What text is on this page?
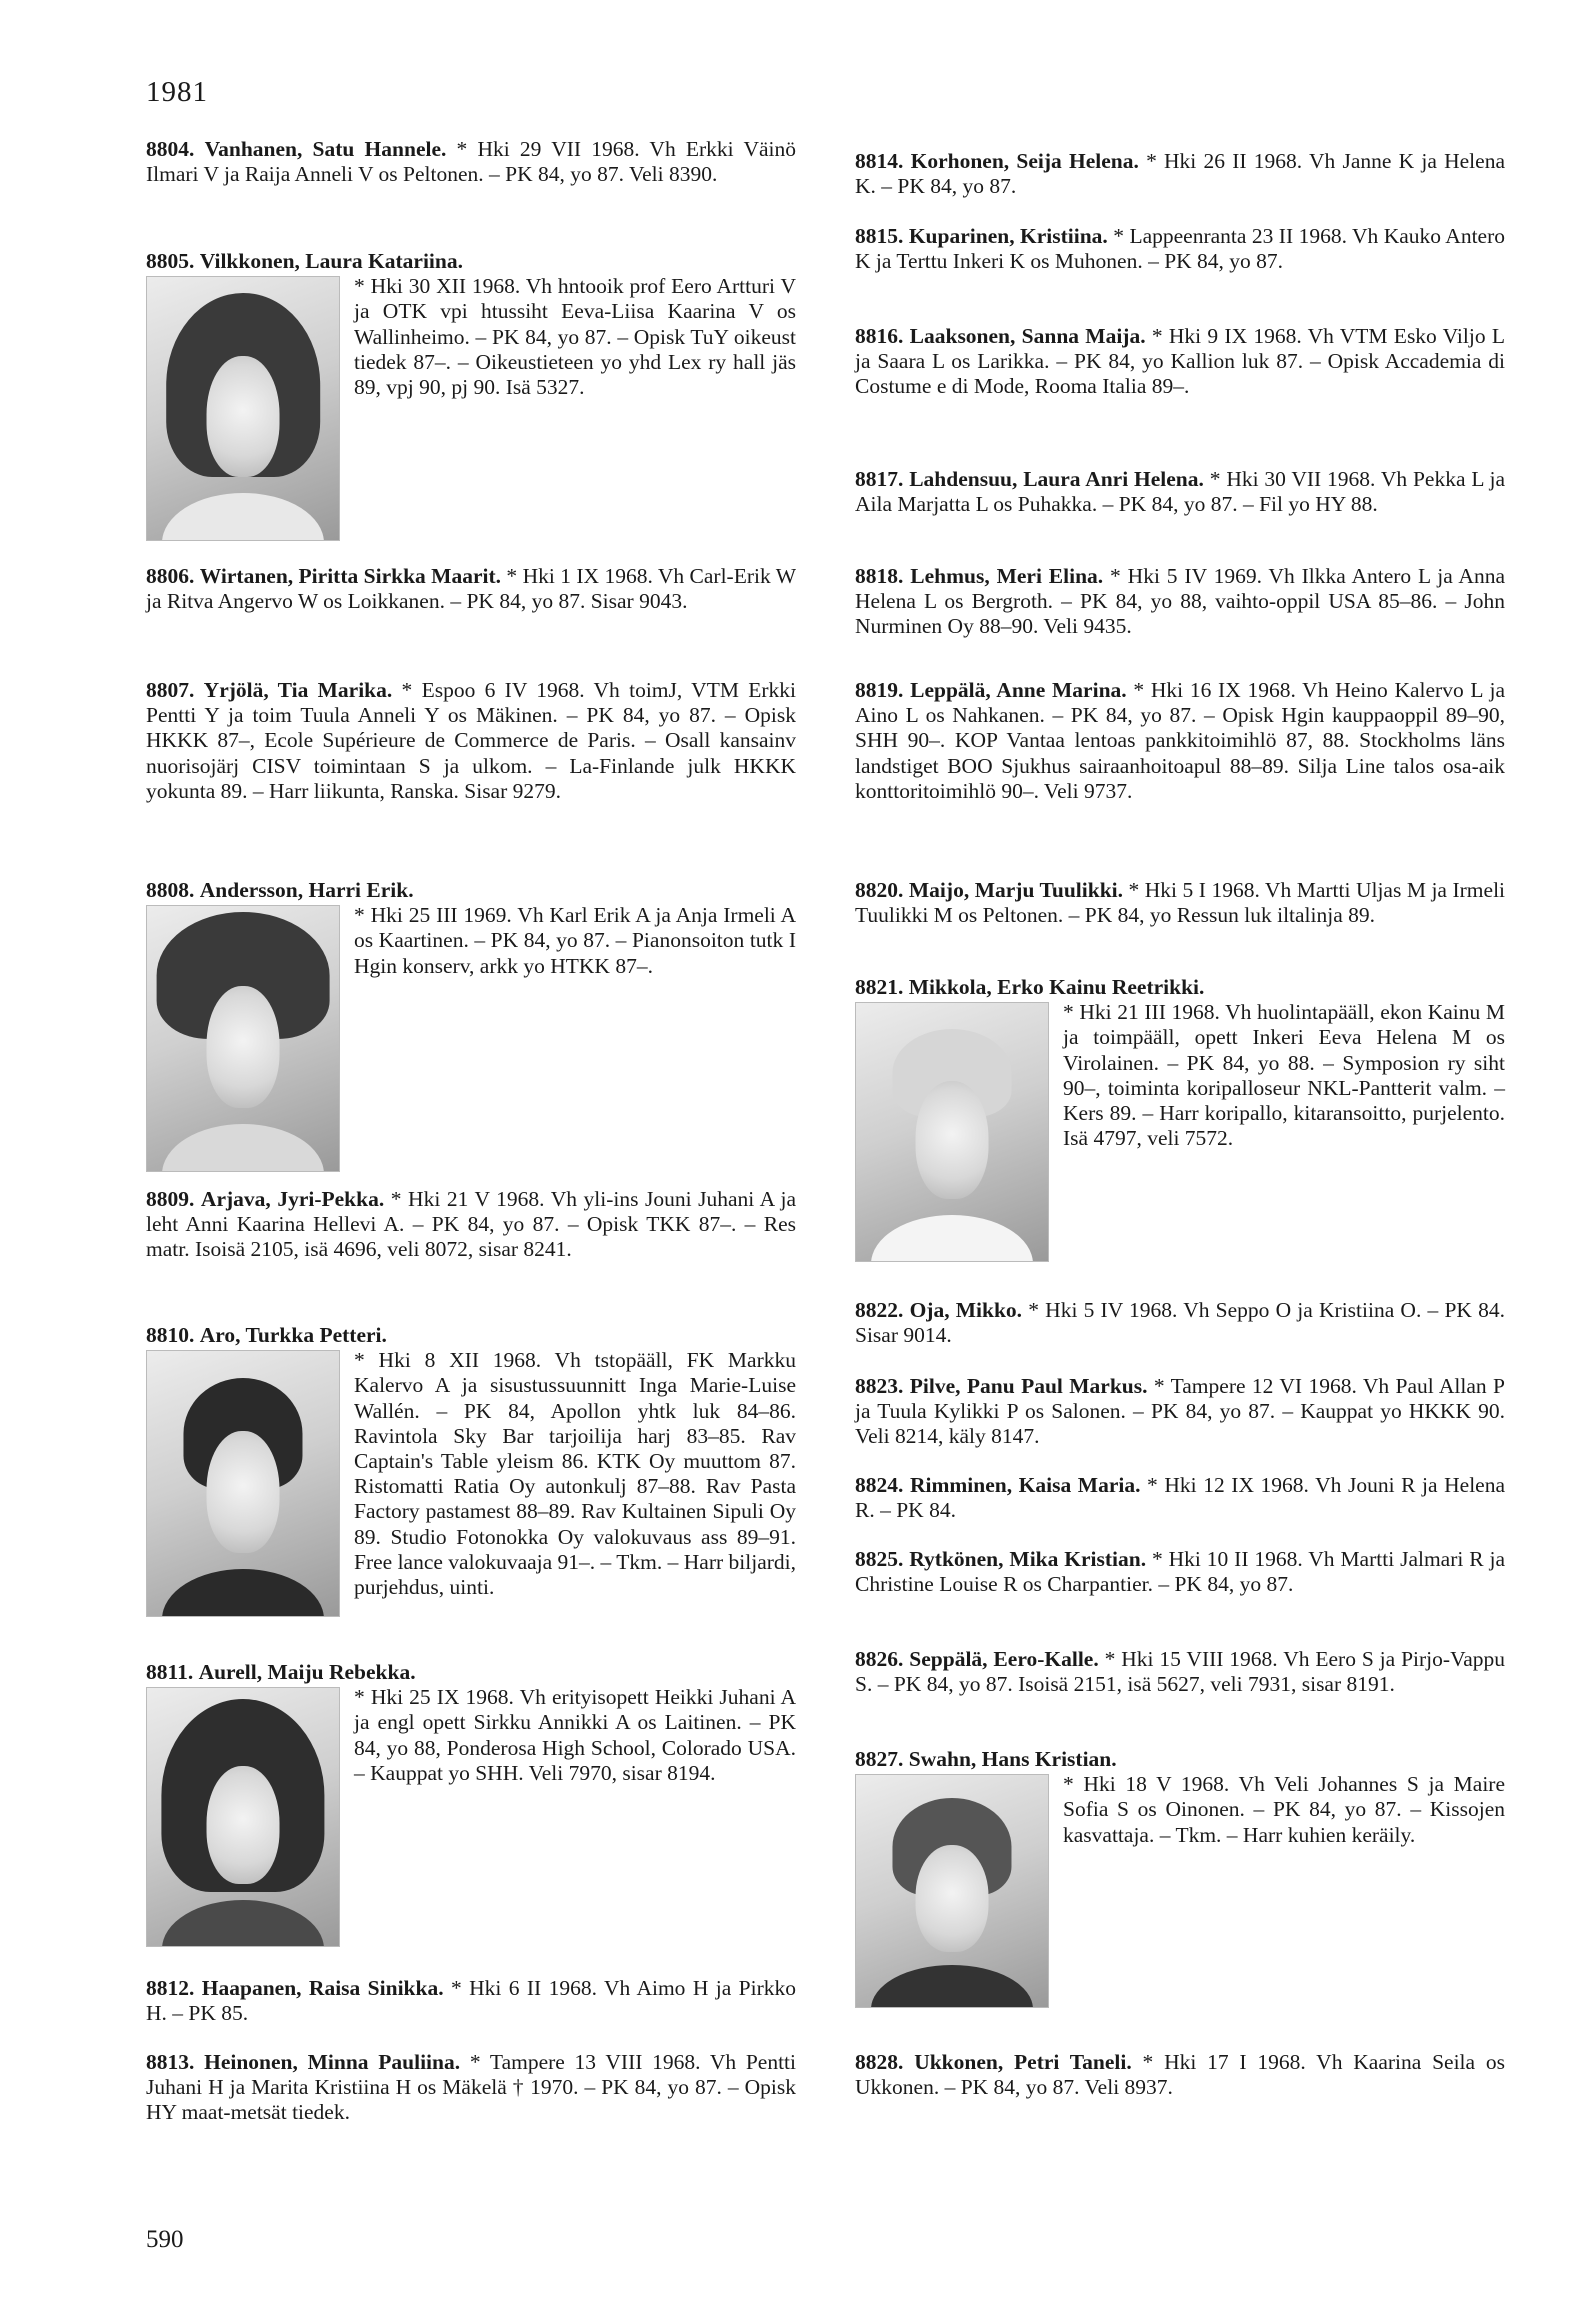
1981

8804. Vanhanen, Satu Hannele. * Hki 29 VII 1968. Vh Erkki Väinö Ilmari V ja Raija Anneli V os Peltonen. – PK 84, yo 87. Veli 8390.

8805. Vilkkonen, Laura Katariina.

* Hki 30 XII 1968. Vh hntooik prof Eero Artturi V ja OTK vpi htussiht Eeva-Liisa Kaarina V os Wallinheimo. – PK 84, yo 87. – Opisk TuY oikeust tiedek 87–. – Oikeustieteen yo yhd Lex ry hall jäs 89, vpj 90, pj 90. Isä 5327.

8806. Wirtanen, Piritta Sirkka Maarit. * Hki 1 IX 1968. Vh Carl-Erik W ja Ritva Angervo W os Loikkanen. – PK 84, yo 87. Sisar 9043.

8807. Yrjölä, Tia Marika. * Espoo 6 IV 1968. Vh toimJ, VTM Erkki Pentti Y ja toim Tuula Anneli Y os Mäkinen. – PK 84, yo 87. – Opisk HKKK 87–, Ecole Supérieure de Commerce de Paris. – Osall kansainv nuorisojärj CISV toimintaan S ja ulkom. – La-Finlande julk HKKK yokunta 89. – Harr liikunta, Ranska. Sisar 9279.

8808. Andersson, Harri Erik.

* Hki 25 III 1969. Vh Karl Erik A ja Anja Irmeli A os Kaartinen. – PK 84, yo 87. – Pianonsoiton tutk I Hgin konserv, arkk yo HTKK 87–.

8809. Arjava, Jyri-Pekka. * Hki 21 V 1968. Vh yli-ins Jouni Juhani A ja leht Anni Kaarina Hellevi A. – PK 84, yo 87. – Opisk TKK 87–. – Res matr. Isoisä 2105, isä 4696, veli 8072, sisar 8241.

8810. Aro, Turkka Petteri.

* Hki 8 XII 1968. Vh tstopääll, FK Markku Kalervo A ja sisustussuunnitt Inga Marie-Luise Wallén. – PK 84, Apollon yhtk luk 84–86. Ravintola Sky Bar tarjoilija harj 83–85. Rav Captain's Table yleism 86. KTK Oy muuttom 87. Ristomatti Ratia Oy autonkulj 87–88. Rav Pasta Factory pastamest 88–89. Rav Kultainen Sipuli Oy 89. Studio Fotonokka Oy valokuvaus ass 89–91. Free lance valokuvaaja 91–. – Tkm. – Harr biljardi, purjehdus, uinti.

8811. Aurell, Maiju Rebekka.

* Hki 25 IX 1968. Vh erityisopett Heikki Juhani A ja engl opett Sirkku Annikki A os Laitinen. – PK 84, yo 88, Ponderosa High School, Colorado USA. – Kauppat yo SHH. Veli 7970, sisar 8194.

8812. Haapanen, Raisa Sinikka. * Hki 6 II 1968. Vh Aimo H ja Pirkko H. – PK 85.

8813. Heinonen, Minna Pauliina. * Tampere 13 VIII 1968. Vh Pentti Juhani H ja Marita Kristiina H os Mäkelä † 1970. – PK 84, yo 87. – Opisk HY maat-metsät tiedek.

8814. Korhonen, Seija Helena. * Hki 26 II 1968. Vh Janne K ja Helena K. – PK 84, yo 87.

8815. Kuparinen, Kristiina. * Lappeenranta 23 II 1968. Vh Kauko Antero K ja Terttu Inkeri K os Muhonen. – PK 84, yo 87.

8816. Laaksonen, Sanna Maija. * Hki 9 IX 1968. Vh VTM Esko Viljo L ja Saara L os Larikka. – PK 84, yo Kallion luk 87. – Opisk Accademia di Costume e di Mode, Rooma Italia 89–.

8817. Lahdensuu, Laura Anri Helena. * Hki 30 VII 1968. Vh Pekka L ja Aila Marjatta L os Puhakka. – PK 84, yo 87. – Fil yo HY 88.

8818. Lehmus, Meri Elina. * Hki 5 IV 1969. Vh Ilkka Antero L ja Anna Helena L os Bergroth. – PK 84, yo 88, vaihto-oppil USA 85–86. – John Nurminen Oy 88–90. Veli 9435.

8819. Leppälä, Anne Marina. * Hki 16 IX 1968. Vh Heino Kalervo L ja Aino L os Nahkanen. – PK 84, yo 87. – Opisk Hgin kauppaoppil 89–90, SHH 90–. KOP Vantaa lentoas pankkitoimihlö 87, 88. Stockholms läns landstiget BOO Sjukhus sairaanhoitoapul 88–89. Silja Line talos osa-aik konttoritoimihlö 90–. Veli 9737.

8820. Maijo, Marju Tuulikki. * Hki 5 I 1968. Vh Martti Uljas M ja Irmeli Tuulikki M os Peltonen. – PK 84, yo Ressun luk iltalinja 89.

8821. Mikkola, Erko Kainu Reetrikki.

* Hki 21 III 1968. Vh huolintapääll, ekon Kainu M ja toimpääll, opett Inkeri Eeva Helena M os Virolainen. – PK 84, yo 88. – Symposion ry siht 90–, toiminta koripalloseur NKL-Pantterit valm. – Kers 89. – Harr koripallo, kitaransoitto, purjelento. Isä 4797, veli 7572.

8822. Oja, Mikko. * Hki 5 IV 1968. Vh Seppo O ja Kristiina O. – PK 84. Sisar 9014.

8823. Pilve, Panu Paul Markus. * Tampere 12 VI 1968. Vh Paul Allan P ja Tuula Kylikki P os Salonen. – PK 84, yo 87. – Kauppat yo HKKK 90. Veli 8214, käly 8147.

8824. Rimminen, Kaisa Maria. * Hki 12 IX 1968. Vh Jouni R ja Helena R. – PK 84.

8825. Rytkönen, Mika Kristian. * Hki 10 II 1968. Vh Martti Jalmari R ja Christine Louise R os Charpantier. – PK 84, yo 87.

8826. Seppälä, Eero-Kalle. * Hki 15 VIII 1968. Vh Eero S ja Pirjo-Vappu S. – PK 84, yo 87. Isoisä 2151, isä 5627, veli 7931, sisar 8191.

8827. Swahn, Hans Kristian.

* Hki 18 V 1968. Vh Veli Johannes S ja Maire Sofia S os Oinonen. – PK 84, yo 87. – Kissojen kasvattaja. – Tkm. – Harr kuhien keräily.

8828. Ukkonen, Petri Taneli. * Hki 17 I 1968. Vh Kaarina Seila os Ukkonen. – PK 84, yo 87. Veli 8937.

590
